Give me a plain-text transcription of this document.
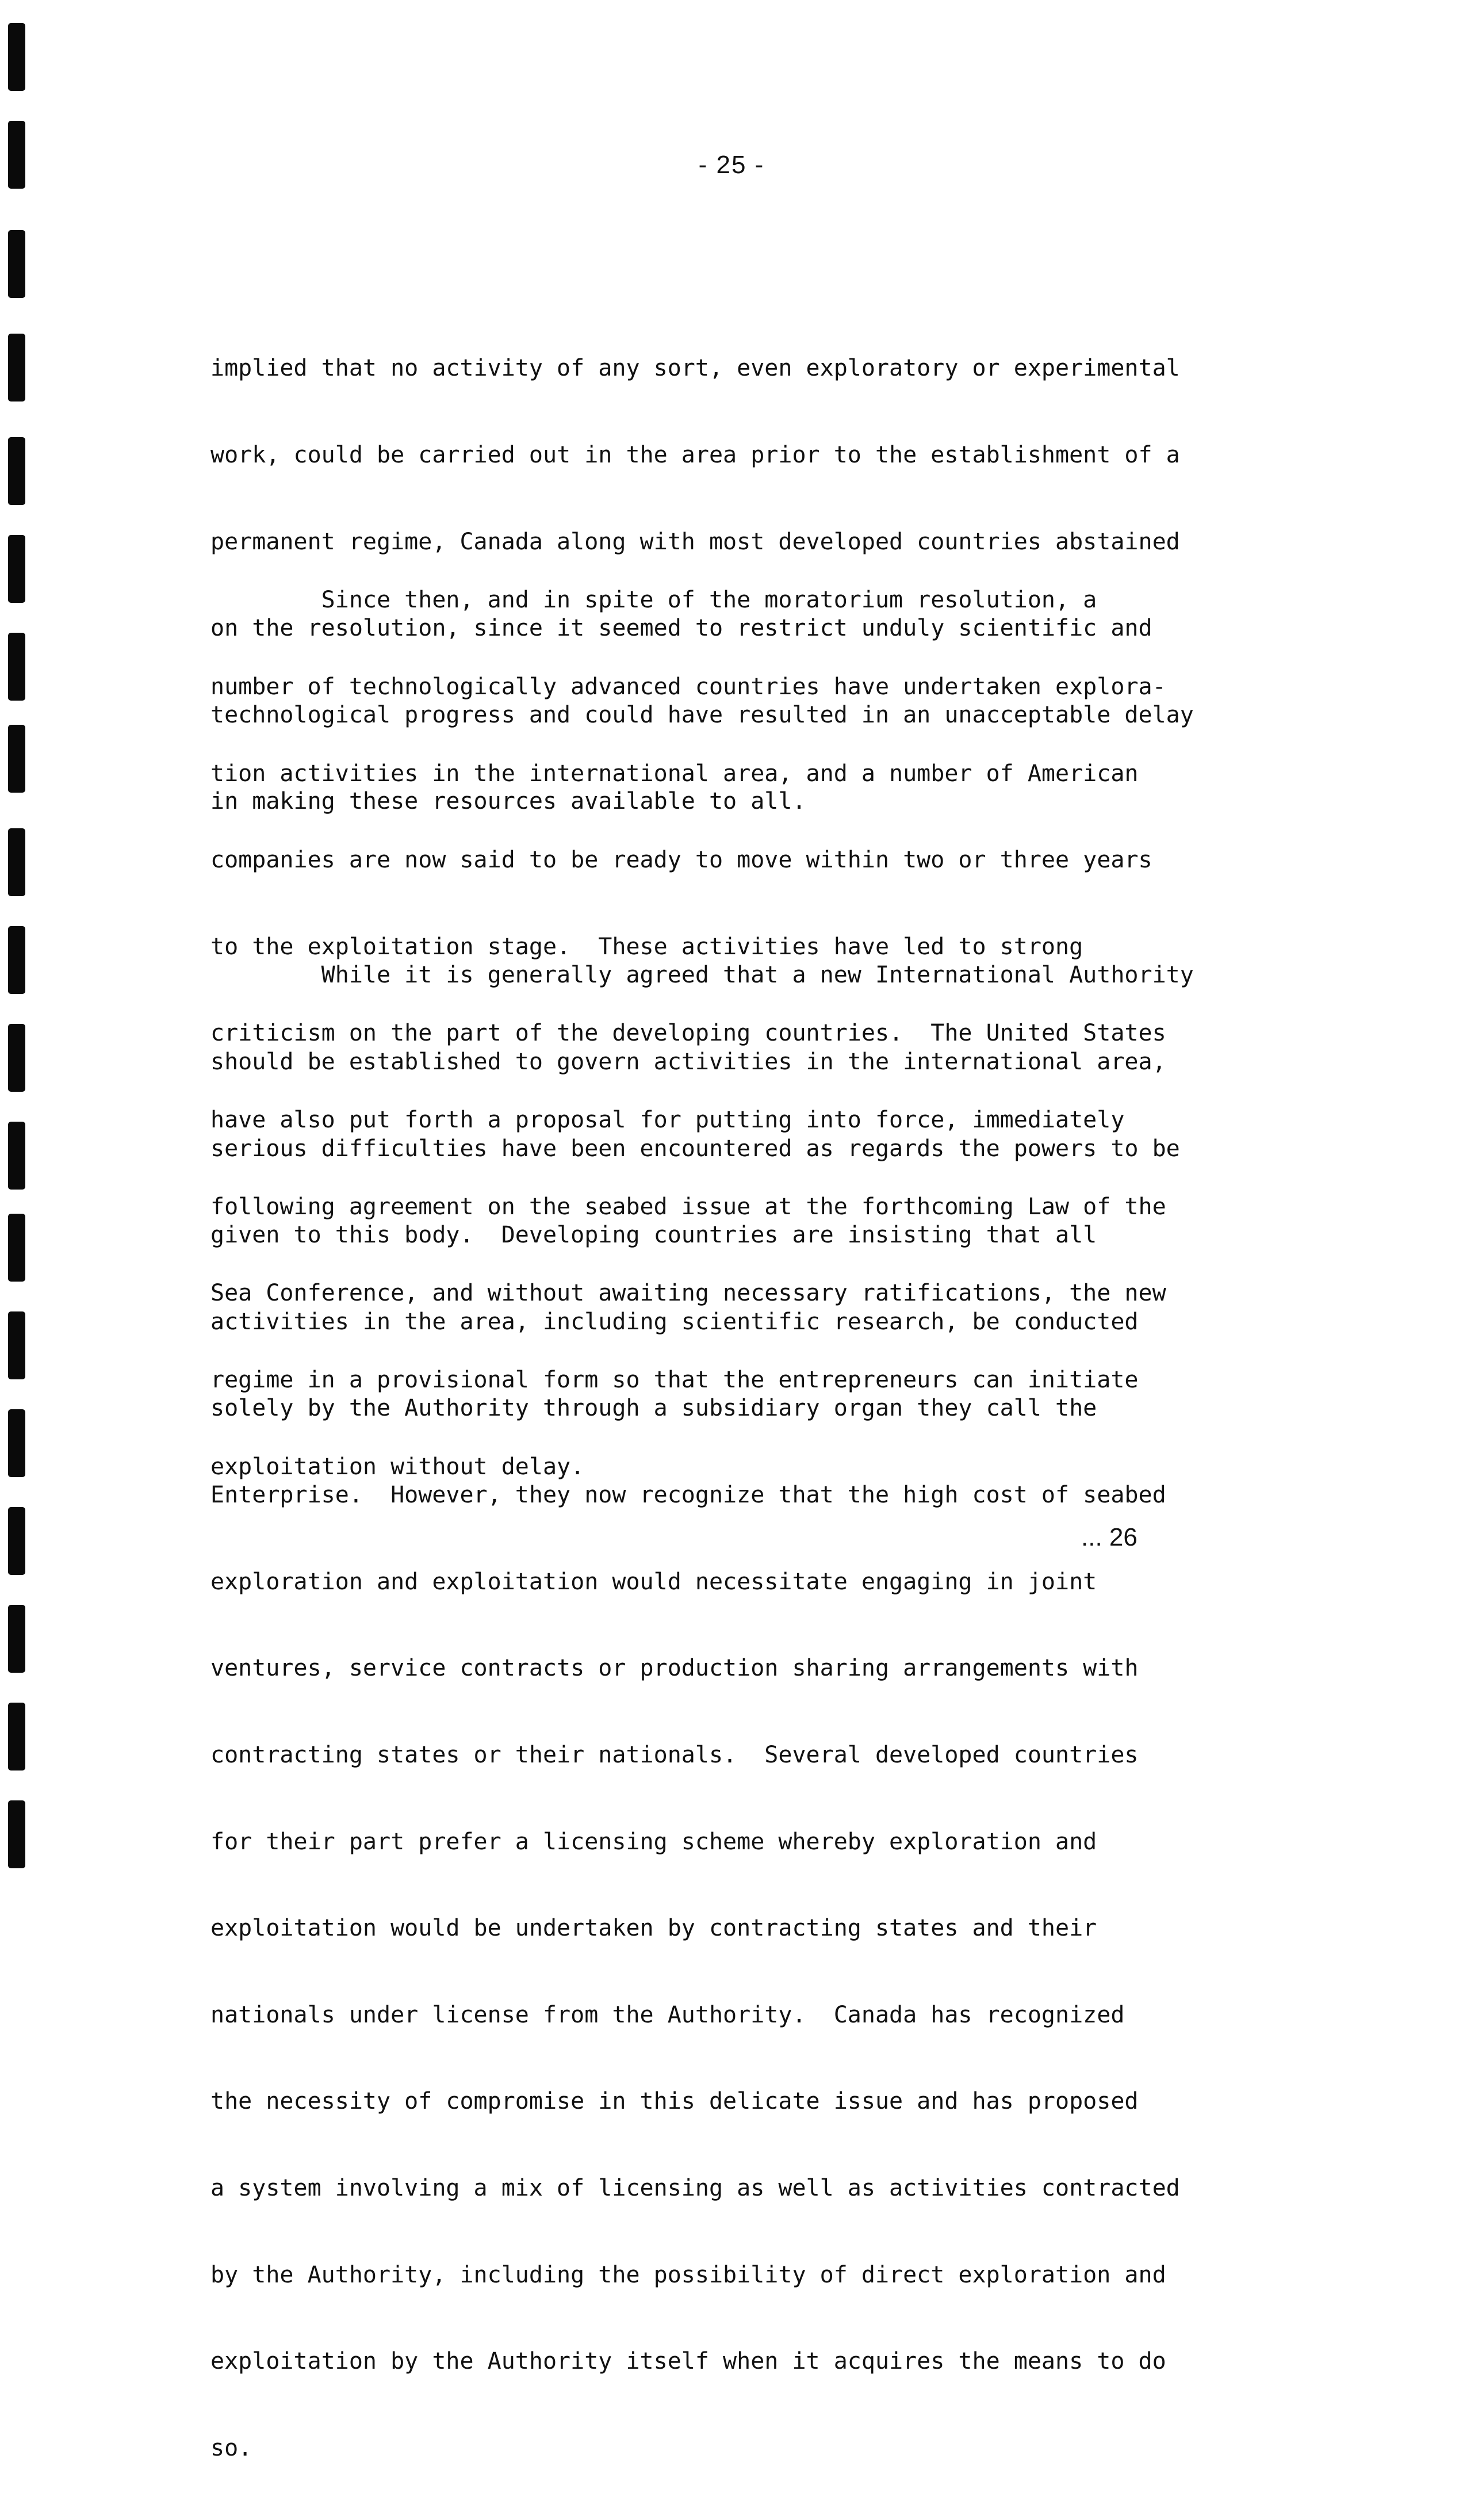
- 25 -

implied that no activity of any sort, even exploratory or experimental

work, could be carried out in the area prior to the establishment of a

permanent regime, Canada along with most developed countries abstained

on the resolution, since it seemed to restrict unduly scientific and

technological progress and could have resulted in an unacceptable delay

in making these resources available to all.

Since then, and in spite of the moratorium resolution, a

number of technologically advanced countries have undertaken explora-

tion activities in the international area, and a number of American

companies are now said to be ready to move within two or three years

to the exploitation stage.  These activities have led to strong

criticism on the part of the developing countries.  The United States

have also put forth a proposal for putting into force, immediately

following agreement on the seabed issue at the forthcoming Law of the

Sea Conference, and without awaiting necessary ratifications, the new

regime in a provisional form so that the entrepreneurs can initiate

exploitation without delay.

While it is generally agreed that a new International Authority

should be established to govern activities in the international area,

serious difficulties have been encountered as regards the powers to be

given to this body.  Developing countries are insisting that all

activities in the area, including scientific research, be conducted

solely by the Authority through a subsidiary organ they call the

Enterprise.  However, they now recognize that the high cost of seabed

exploration and exploitation would necessitate engaging in joint

ventures, service contracts or production sharing arrangements with

contracting states or their nationals.  Several developed countries

for their part prefer a licensing scheme whereby exploration and

exploitation would be undertaken by contracting states and their

nationals under license from the Authority.  Canada has recognized

the necessity of compromise in this delicate issue and has proposed

a system involving a mix of licensing as well as activities contracted

by the Authority, including the possibility of direct exploration and

exploitation by the Authority itself when it acquires the means to do

so.

... 26
